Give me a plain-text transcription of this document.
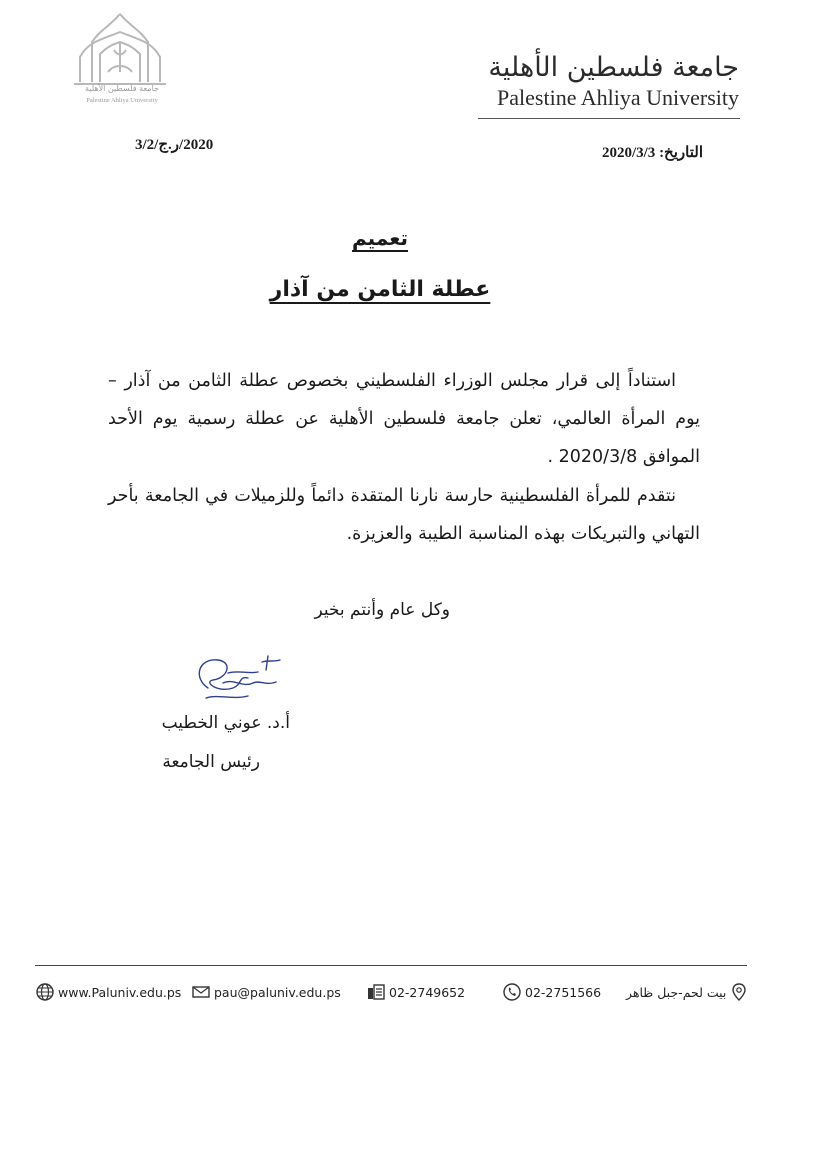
جامعة فلسطين الأهلية
Palestine Ahliya University
جامعة فلسطين الأهلية
Palestine Ahliya University
التاريخ: 2020/3/3
2020/ر.ج/3/2
تعميم
عطلة الثامن من آذار
استناداً إلى قرار مجلس الوزراء الفلسطيني بخصوص عطلة الثامن من آذار – يوم المرأة العالمي، تعلن جامعة فلسطين الأهلية عن عطلة رسمية يوم الأحد الموافق 2020/3/8 .
نتقدم للمرأة الفلسطينية حارسة نارنا المتقدة دائماً وللزميلات في الجامعة بأحر التهاني والتبريكات بهذه المناسبة الطيبة والعزيزة.
وكل عام وأنتم بخير
أ.د. عوني الخطيب
رئيس الجامعة
www.Paluniv.edu.ps	pau@paluniv.edu.ps	02-2749652	02-2751566 بيت لحم-جبل ظاهر
